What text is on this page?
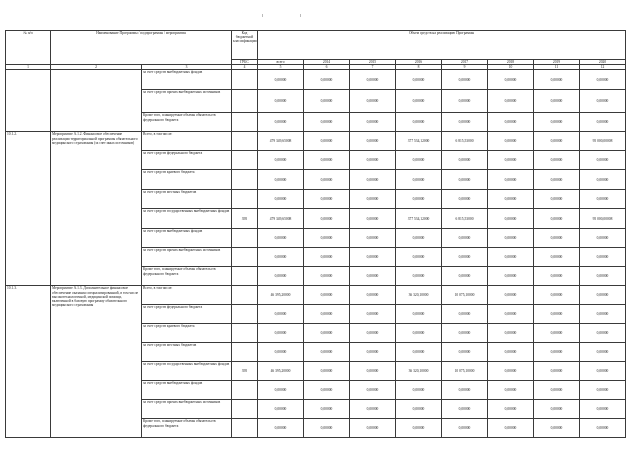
№ п/п	Наименование Программы / подпрограммы / мероприятия		Код бюджетной классификации	Объем средств на реализацию Программы							
			ГРБС	всего	2014	2015	2016	2017	2018	2019	2020
1	2	3	4	5	6	7	8	9	10	11	12
		за счет средств внебюджетных фондов		0,00000	0,00000	0,00000	0,00000	0,00000	0,00000	0,00000	0,00000
		за счет средств прочих внебюджетных источников		0,00000	0,00000	0,00000	0,00000	0,00000	0,00000	0,00000	0,00000
		Кроме того, планируемые объемы обязательств федерального бюджета		0,00000	0,00000	0,00000	0,00000	0,00000	0,00000	0,00000	0,00000
10.1.2.	Мероприятие А.1.2. Финансовое обеспечение реализации территориальной программы обязательного медицинского страхования (за счет иных источников)	Всего, в том числе:		479 349,65008	0,00000	0,00000	377 534,12000	6 815,53000	0,00000	0,00000	95 000,00008
		за счет средств федерального бюджета		0,00000	0,00000	0,00000	0,00000	0,00000	0,00000	0,00000	0,00000
		за счет средств краевого бюджета		0,00000	0,00000	0,00000	0,00000	0,00000	0,00000	0,00000	0,00000
		за счет средств местных бюджетов		0,00000	0,00000	0,00000	0,00000	0,00000	0,00000	0,00000	0,00000
		за счет средств государственных внебюджетных фондов	395	479 349,65008	0,00000	0,00000	377 534,12000	6 815,53000	0,00000	0,00000	95 000,00008
		за счет средств внебюджетных фондов		0,00000	0,00000	0,00000	0,00000	0,00000	0,00000	0,00000	0,00000
		за счет средств прочих внебюджетных источников		0,00000	0,00000	0,00000	0,00000	0,00000	0,00000	0,00000	0,00000
		Кроме того, планируемые объемы обязательств федерального бюджета		0,00000	0,00000	0,00000	0,00000	0,00000	0,00000	0,00000	0,00000
10.1.3.	Мероприятие А.1.3. Дополнительное финансовое обеспечение оказания специализированной, в том числе высокотехнологичной, медицинской помощи, включенной в базовую программу обязательного медицинского страхования	Всего, в том числе:		46 395,20000	0,00000	0,00000	36 320,10000	10 075,10000	0,00000	0,00000	0,00000
		за счет средств федерального бюджета		0,00000	0,00000	0,00000	0,00000	0,00000	0,00000	0,00000	0,00000
		за счет средств краевого бюджета		0,00000	0,00000	0,00000	0,00000	0,00000	0,00000	0,00000	0,00000
		за счет средств местных бюджетов		0,00000	0,00000	0,00000	0,00000	0,00000	0,00000	0,00000	0,00000
		за счет средств государственных внебюджетных фондов	395	46 395,20000	0,00000	0,00000	36 320,10000	10 075,10000	0,00000	0,00000	0,00000
		за счет средств внебюджетных фондов		0,00000	0,00000	0,00000	0,00000	0,00000	0,00000	0,00000	0,00000
		за счет средств прочих внебюджетных источников		0,00000	0,00000	0,00000	0,00000	0,00000	0,00000	0,00000	0,00000
		Кроме того, планируемые объемы обязательств федерального бюджета		0,00000	0,00000	0,00000	0,00000	0,00000	0,00000	0,00000	0,00000
